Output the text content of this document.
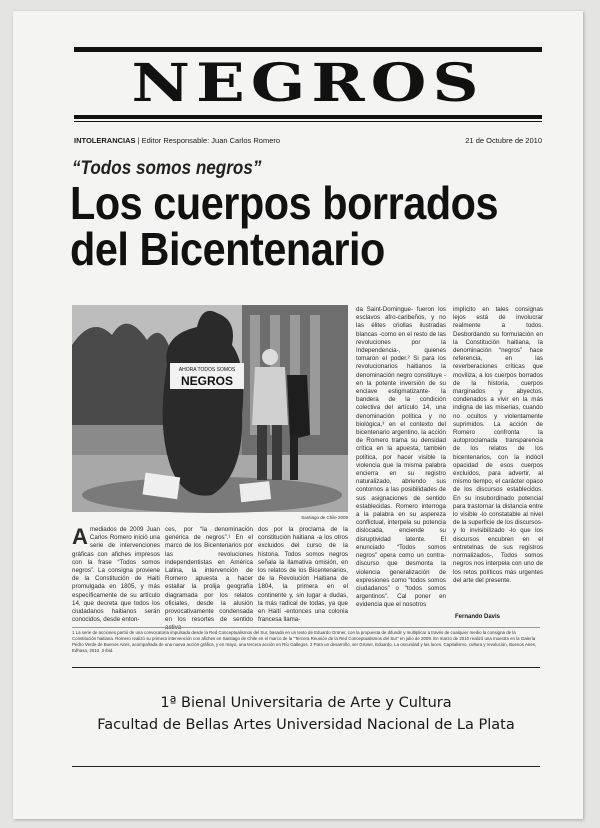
NEGROS
INTOLERANCIAS | Editor Responsable: Juan Carlos Romero	21 de Octubre de 2010
“Todos somos negros”
Los cuerpos borrados del Bicentenario
AHORA TODOS SOMOS
NEGROS
Santiago de Chile 2009
Amediados de 2009 Juan Carlos Romero inició una serie de intervenciones gráficas con afiches impresos con la frase “Todos somos negros”. La consigna proviene de la Constitución de Haití promulgada en 1805, y más específicamente de su artículo 14, que decreta que todos los ciudadanos haitianos serán conocidos, desde enton-
ces, por “la denominación genérica de negros”.¹ En el marco de los Bicentenarios por las revoluciones independentistas en América Latina, la intervención de Romero apuesta a hacer estallar la prolija geografía diagramada por los relatos oficiales, desde la alusión provocativamente condensada en los resortes de sentido
dos por la proclama de la constitución haitiana -a los otros excluidos del curso de la historia. Todos somos negros señala la llamativa omisión, en los relatos de los Bicentenarios, de la Revolución Haitiana de 1804, la primera en el continente y, sin lugar a dudas, la más radical de todas, ya que en Haití -entonces una colonia francesa llama-
da Saint-Domingue- fueron los esclavos afro-caribeños, y no las élites criollas ilustradas blancas -como en el resto de las revoluciones por la Independencia-, quienes tomaron el poder.² Si para los revolucionarios haitianos la denominación negro constituye -en la potente inversión de su enclave estigmatizante- la bandera de la condición colectiva del artículo 14, una denominación política y no biológica,³ en el contexto del bicentenario argentino, la acción de Romero trama su densidad crítica en la apuesta, también política, por hacer visible la violencia que la misma palabra encierra en su registro naturalizado, abriendo sus contornos a las posibilidades de sus asignaciones de sentido establecidas. Romero interroga a la palabra en su aspereza conflictual, interpela su potencia dislocada, enciende su disruptividad latente. El enunciado “Todos somos negros” opera como un contra-discurso que desmonta la violencia generalización de expresiones como “todos somos ciudadanos” o “todos somos argentinos”. Cal poner en evidencia que el nosotros
implícito en tales consignas lejos está de involucrar realmente a todos. Desbordando su formulación en la Constitución haitiana, la denominación “negros” hace referencia, en las reverberaciones críticas que moviliza, a los cuerpos borrados de la historia, cuerpos marginados y abyectos, condenados a vivir en la más indigna de las miserias, cuando no ocultos y violentamente suprimidos. La acción de Romero confronta la autoproclamada transparencia de los relatos de los bicentenarios, con la indócil opacidad de esos cuerpos excluidos, para advertir, al mismo tiempo, el carácter opaco de los discursos establecidos. En su insubordinado potencial para trastornar la distancia entre lo visible -lo constatable al nivel de la superficie de los discursos- y lo invisibilizado -lo que los discursos encubren en el entretelnas de sus registros normalizados-, Todos somos negros nos interpela con uno de los retos políticos más urgentes del arte del presente.
Fernando Davis
1 La serie de acciones partió de una convocatoria impulsada desde la Red Conceptualismos del Sur, basada en un texto de Eduardo Grüner, con la propuesta de difundir y multiplicar a través de cualquier medio la consigna de la Constitución haitiana. Romero realizó su primera intervención con afiches en Santiago de Chile en el marco de la “Tercera Reunión de la Red Conceptualismos del Sur” en julio de 2009. En marzo de 2010 realizó una muestra en la Galería Pedro Verde de Buenos Aires, acompañada de una nueva acción gráfica, y en mayo, una tercera acción en Río Gallegos. 2 Para un desarrollo, ver Grüner, Eduardo. La oscuridad y las luces. Capitalismo, cultura y revolución, Buenos Aires, Edhasa, 2010. 3 Ibid.
1ª Bienal Universitaria de Arte y Cultura
Facultad de Bellas Artes Universidad Nacional de La Plata
